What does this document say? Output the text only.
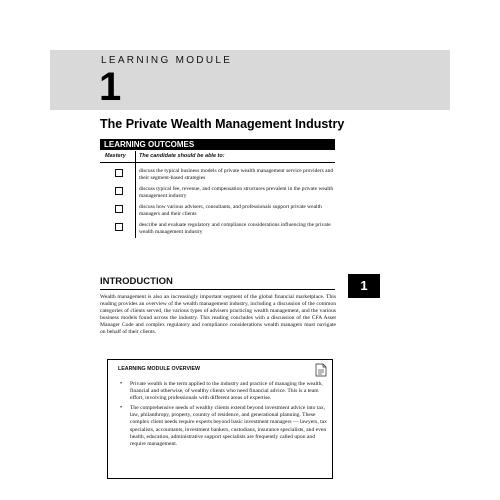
LEARNING MODULE
1
The Private Wealth Management Industry
LEARNING OUTCOMES
Mastery The candidate should be able to:
discuss the typical business models of private wealth management service providers and their segment-based strategies
discuss typical fee, revenue, and compensation structures prevalent in the private wealth management industry
discuss how various advisers, consultants, and professionals support private wealth managers and their clients
describe and evaluate regulatory and compliance considerations influencing the private wealth management industry
INTRODUCTION	1
Wealth management is also an increasingly important segment of the global financial marketplace. This reading provides an overview of the wealth management industry, including a discussion of the common categories of clients served, the various types of advisers practicing wealth management, and the various business models found across the industry. This reading concludes with a discussion of the CFA Asset Manager Code and complex regulatory and compliance considerations wealth managers must navigate on behalf of their clients.
LEARNING MODULE OVERVIEW
• Private wealth is the term applied to the industry and practice of managing the wealth, financial and otherwise, of wealthy clients who need financial advice. This is a team effort, involving professionals with different areas of expertise.
• The comprehensive needs of wealthy clients extend beyond investment advice into tax, law, philanthropy, property, country of residence, and generational planning. These complex client needs require experts beyond basic investment managers — lawyers, tax specialists, accountants, investment bankers, custodians, insurance specialists, and even health, education, administrative support specialists are frequently called upon and require management.
